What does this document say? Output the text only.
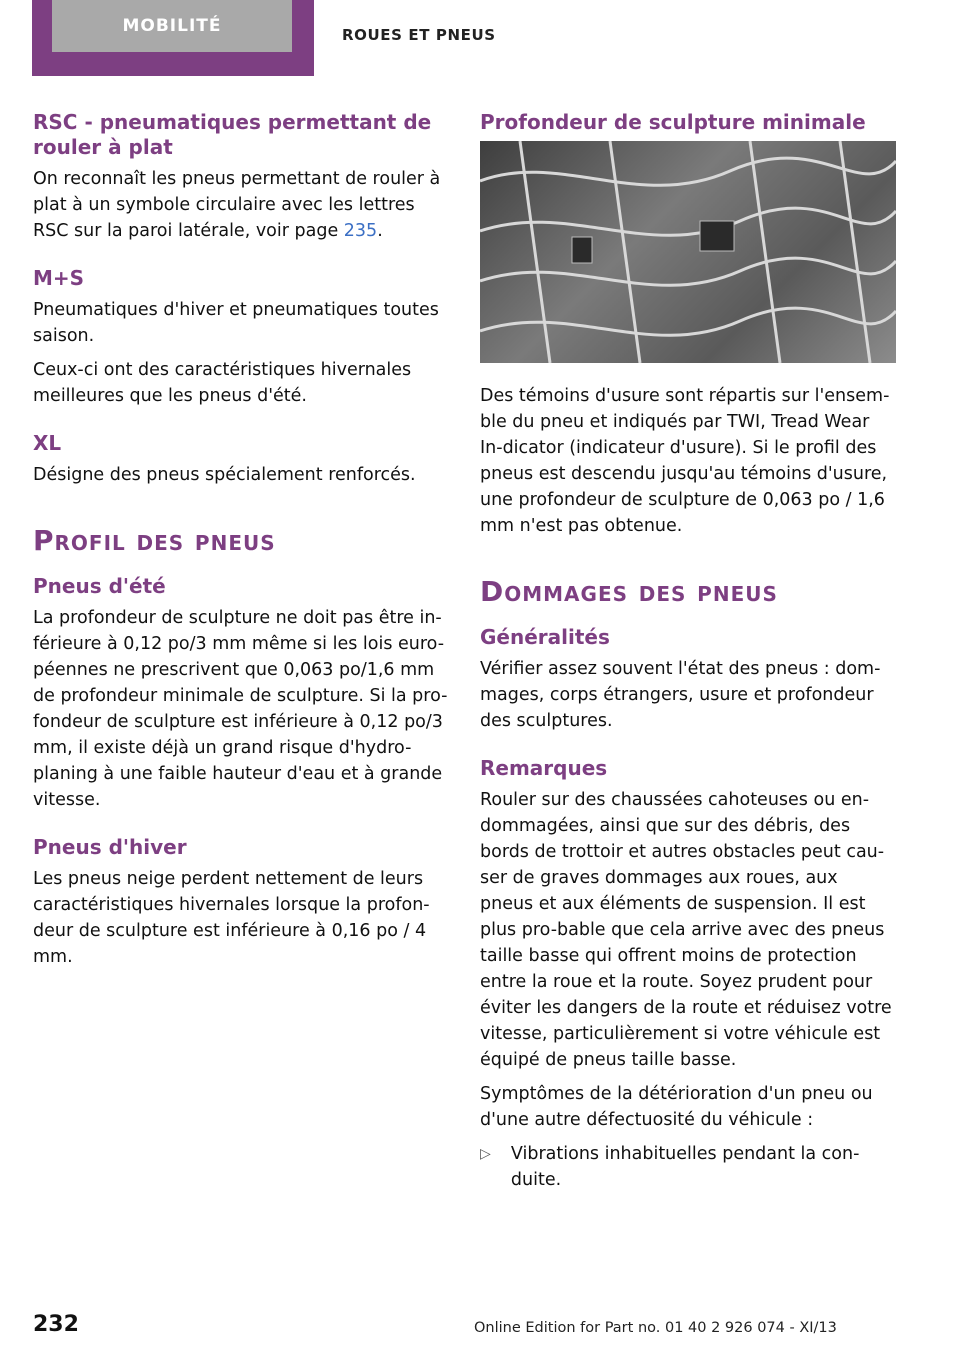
MOBILITÉ	ROUES ET PNEUS
RSC - pneumatiques permettant de rouler à plat

On reconnaît les pneus permettant de rouler à plat à un symbole circulaire avec les lettres RSC sur la paroi latérale, voir page 235.

M+S

Pneumatiques d'hiver et pneumatiques toutes saison.

Ceux-ci ont des caractéristiques hivernales meilleures que les pneus d'été.

XL

Désigne des pneus spécialement renforcés.

Profil des pneus
Pneus d'été

La profondeur de sculpture ne doit pas être in-férieure à 0,12 po/3 mm même si les lois euro-péennes ne prescrivent que 0,063 po/1,6 mm de profondeur minimale de sculpture. Si la pro-fondeur de sculpture est inférieure à 0,12 po/3 mm, il existe déjà un grand risque d'hydro-planing à une faible hauteur d'eau et à grande vitesse.

Pneus d'hiver

Les pneus neige perdent nettement de leurs caractéristiques hivernales lorsque la profon-deur de sculpture est inférieure à 0,16 po / 4 mm.

Profondeur de sculpture minimale

Des témoins d'usure sont répartis sur l'ensem-ble du pneu et indiqués par TWI, Tread Wear In-dicator (indicateur d'usure). Si le profil des pneus est descendu jusqu'au témoins d'usure, une profondeur de sculpture de 0,063 po / 1,6 mm n'est pas obtenue.

Dommages des pneus
Généralités

Vérifier assez souvent l'état des pneus : dom-mages, corps étrangers, usure et profondeur des sculptures.

Remarques

Rouler sur des chaussées cahoteuses ou en-dommagées, ainsi que sur des débris, des bords de trottoir et autres obstacles peut cau-ser de graves dommages aux roues, aux pneus et aux éléments de suspension. Il est plus pro-bable que cela arrive avec des pneus taille basse qui offrent moins de protection entre la roue et la route. Soyez prudent pour éviter les dangers de la route et réduisez votre vitesse, particulièrement si votre véhicule est équipé de pneus taille basse.

Symptômes de la détérioration d'un pneu ou d'une autre défectuosité du véhicule :

▷	Vibrations inhabituelles pendant la con-duite.
232	Online Edition for Part no. 01 40 2 926 074 - XI/13
